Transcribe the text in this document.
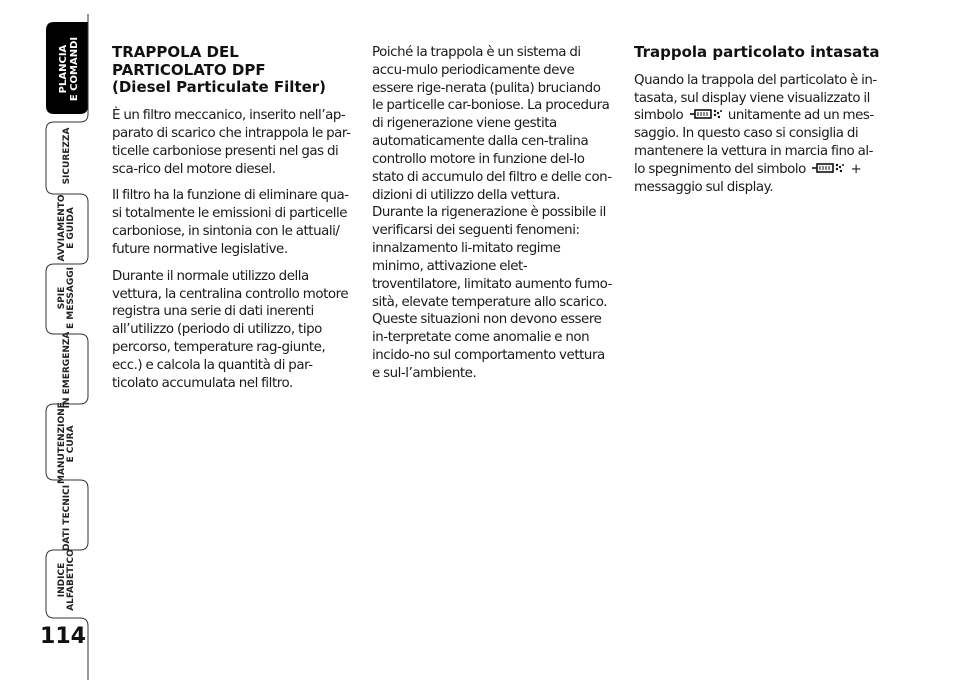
PLANCIA
E COMANDI
SICUREZZA
AVVIAMENTO
E GUIDA
SPIE
E MESSAGGI
IN EMERGENZA
MANUTENZIONE
E CURA
DATI TECNICI
INDICE
ALFABETICO
114
TRAPPOLA DEL
PARTICOLATO DPF
(Diesel Particulate Filter)

È un filtro meccanico, inserito nell’ap-parato di scarico che intrappola le par-ticelle carboniose presenti nel gas di sca-rico del motore diesel.

Il filtro ha la funzione di eliminare qua-si totalmente le emissioni di particelle carboniose, in sintonia con le attuali/ future normative legislative.

Durante il normale utilizzo della vettura, la centralina controllo motore registra una serie di dati inerenti all’utilizzo (periodo di utilizzo, tipo percorso, temperature rag-giunte, ecc.) e calcola la quantità di par-ticolato accumulata nel filtro.

Poiché la trappola è un sistema di accu-mulo periodicamente deve essere rige-nerata (pulita) bruciando le particelle car-boniose. La procedura di rigenerazione viene gestita automaticamente dalla cen-tralina controllo motore in funzione del-lo stato di accumulo del filtro e delle con-dizioni di utilizzo della vettura. Durante la rigenerazione è possibile il verificarsi dei seguenti fenomeni: innalzamento li-mitato regime minimo, attivazione elet-troventilatore, limitato aumento fumo-sità, elevate temperature allo scarico. Queste situazioni non devono essere in-terpretate come anomalie e non incido-no sul comportamento vettura e sul-l’ambiente.

Trappola particolato intasata

Quando la trappola del particolato è in-tasata, sul display viene visualizzato il simbolo	unitamente ad un mes-saggio. In questo caso si consiglia di mantenere la vettura in marcia fino al-lo spegnimento del simbolo	+ messaggio sul display.
